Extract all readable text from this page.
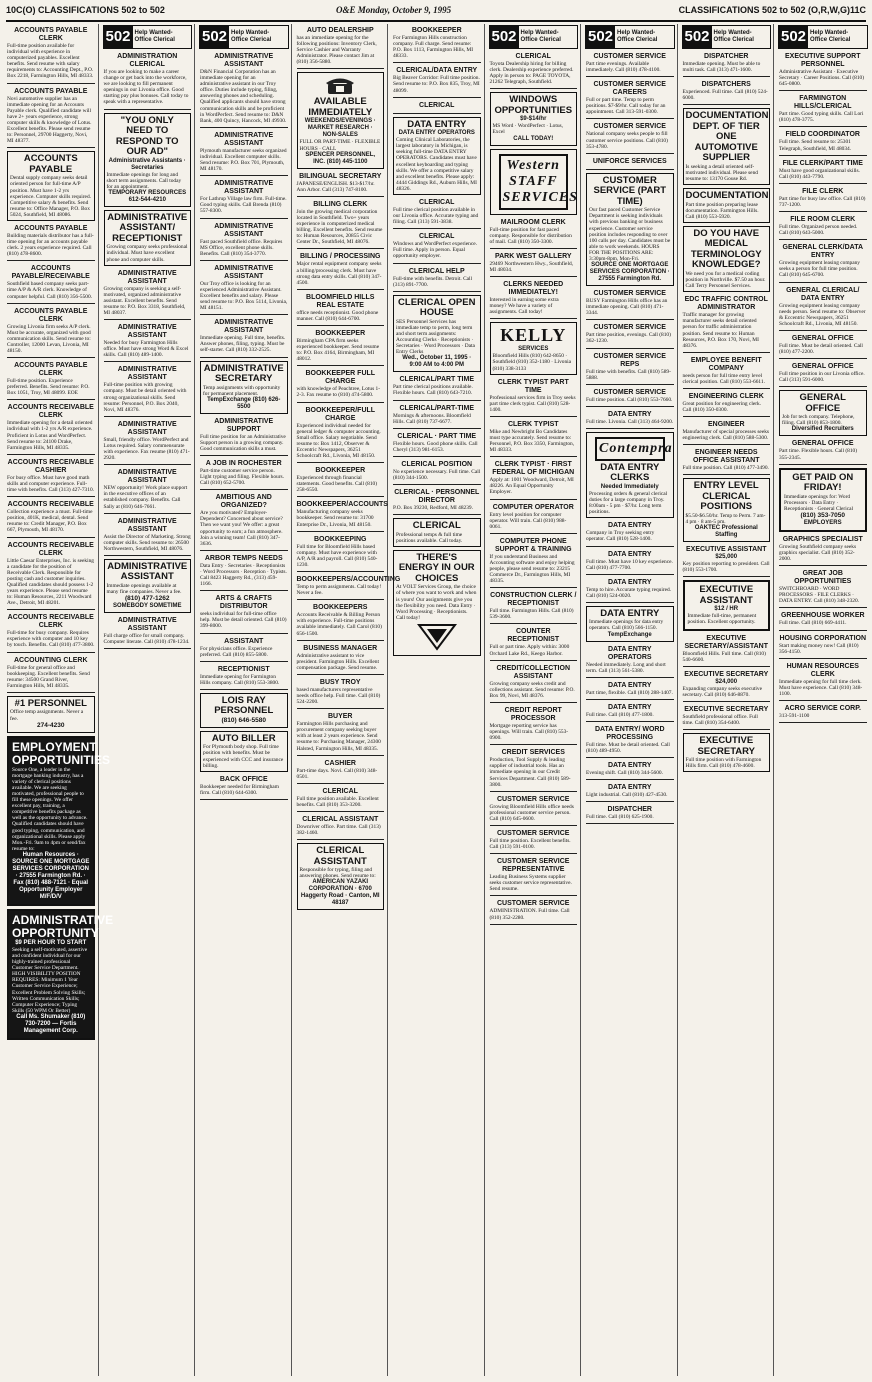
10C(O) CLASSIFICATIONS 502 to 502	O&E Monday, October 9, 1995	CLASSIFICATIONS 502 to 502 (O,R,W,G)11C
ACCOUNTS PAYABLE CLERK
Full-time position available for individual with experience in computerized payables. Excellent benefits. Send resume with salary requirements to: Accounting Dept., P.O. Box 2218, Farmington Hills, MI 48333.
ACCOUNTS PAYABLE
Novi automotive supplier has an immediate opening for an Accounts Payable clerk. Qualified candidate will have 2+ years experience, strong computer skills & knowledge of Lotus. Excellent benefits. Please send resume to: Personnel, 29700 Haggerty, Novi, MI 48377.
ACCOUNTS PAYABLE
Dental supply company seeks detail oriented person for full-time A/P position. Must have 1-2 yrs experience. Computer skills required. Competitive salary & benefits. Send resume to: Office Manager, P.O. Box 5024, Southfield, MI 48086.
ACCOUNTS PAYABLE
Building materials distributor has a full-time opening for an accounts payable clerk. 2 years experience required. Call (810) 478-8600.
ACCOUNTS PAYABLE/RECEIVABLE
Southfield based company seeks part-time A/P & A/R clerk. Knowledge of computer helpful. Call (810) 356-5500.
ACCOUNTS PAYABLE CLERK
Growing Livonia firm seeks A/P clerk. Must be accurate, organized with good communication skills. Send resume to: Controller, 12000 Levan, Livonia, MI 48150.
ACCOUNTS PAYABLE CLERK
Full-time position. Experience preferred. Benefits. Send resume: P.O. Box 1051, Troy, MI 48099. EOE
ACCOUNTS RECEIVABLE CLERK
Immediate opening for a detail oriented individual with 1-2 yrs A/R experience. Proficient in Lotus and WordPerfect. Send resume to: 24100 Drake, Farmington Hills, MI 48335.
ACCOUNTS RECEIVABLE CASHIER
For busy office. Must have good math skills and computer experience. Full-time with benefits. Call (313) 427-7310.
ACCOUNTS RECEIVABLE
Collection experience a must. Full-time position, 401K, medical, dental. Send resume to: Credit Manager, P.O. Box 667, Plymouth, MI 48170.
ACCOUNTS RECEIVABLE CLERK
Little Caesar Enterprises, Inc. is seeking a candidate for the position of Receivable Clerk. Responsible for posting cash and customer inquiries. Qualified candidates should possess 1-2 years experience. Please send resume to: Human Resources, 2211 Woodward Ave., Detroit, MI 48201.
ACCOUNTS RECEIVABLE CLERK
Full-time for busy company. Requires experience with computer and 10 key by touch. Benefits. Call (810) 477-3800.
ACCOUNTING CLERK
Full-time for general office and bookkeeping. Excellent benefits. Send resume: 34500 Grand River, Farmington Hills, MI 48335.
#1 PERSONNEL
Office temp assignments. Never a fee.
274-4230
EMPLOYMENT OPPORTUNITIES
Source One, a leader in the mortgage banking industry, has a variety of clerical positions available. We are seeking motivated, professional people to fill these openings. We offer excellent pay, training, a competitive benefits package as well as the opportunity to advance. Qualified candidates should have good typing, communication, and organizational skills. Please apply Mon.-Fri. 9am to 4pm or send/fax resume to:
Human Resources · SOURCE ONE MORTGAGE SERVICES CORPORATION · 27555 Farmington Rd. · Fax (810) 488-7121 · Equal Opportunity Employer M/F/D/V
ADMINISTRATIVE OPPORTUNITY
$9 PER HOUR TO START
Seeking a self-motivated, assertive and confident individual for our highly-trained professional Customer Service Department. HIGH VISIBILITY POSITION REQUIRES: Minimum 1 Year Customer Service Experience; Excellent Problem Solving Skills; Written Communication Skills; Computer Experience; Typing Skills (50 WPM Or Better)
Call Ms. Shumaker (810) 730-7200 — Fortis Management Corp.
502 Help Wanted- Office Clerical
ADMINISTRATION CLERICAL
If you are looking to make a career change or get back into the workforce, we are looking to fill permanent openings in our Livonia office. Good starting pay plus bonuses. Call today to speak with a representative.
"YOU ONLY NEED TO RESPOND TO OUR AD"
Administrative Assistants · Secretaries
Immediate openings for long and short term assignments. Call today for an appointment.
TEMPORARY RESOURCES 612-544-4210
ADMINISTRATIVE ASSISTANT/ RECEPTIONIST
Growing company seeks professional individual. Must have excellent phone and computer skills.
ADMINISTRATIVE ASSISTANT
Growing company is seeking a self-motivated, organized administrative assistant. Excellent benefits. Send resume to: P.O. Box 3318, Southfield, MI 48037.
ADMINISTRATIVE ASSISTANT
Needed for busy Farmington Hills office. Must have strong Word & Excel skills. Call (810) 489-1400.
ADMINISTRATIVE ASSISTANT
Full-time position with growing company. Must be detail oriented with strong organizational skills. Send resume: Personnel, P.O. Box 2040, Novi, MI 48376.
ADMINISTRATIVE ASSISTANT
Small, friendly office. WordPerfect and Lotus required. Salary commensurate with experience. Fax resume (810) 471-2920.
ADMINISTRATIVE ASSISTANT
NEW opportunity! Work place support in the executive offices of an established company. Benefits. Call Sally at (810) 646-7661.
ADMINISTRATIVE ASSISTANT
Assist the Director of Marketing. Strong computer skills. Send resume to: 26500 Northwestern, Southfield, MI 48076.
ADMINISTRATIVE ASSISTANT
Immediate openings available at many fine companies. Never a fee.
(810) 477-1262
SOMEBODY SOMETIME
ADMINISTRATIVE ASSISTANT
Full charge office for small company. Computer literate. Call (810) 478-1234.
502 Help Wanted- Office Clerical
ADMINISTRATIVE ASSISTANT
D&N Financial Corporation has an immediate opening for an administrative assistant in our Troy office. Duties include typing, filing, answering phones and scheduling. Qualified applicants should have strong communication skills and be proficient in WordPerfect. Send resume to: D&N Bank, 400 Quincy, Hancock, MI 49930.
ADMINISTRATIVE ASSISTANT
Plymouth manufacturer seeks organized individual. Excellent computer skills. Send resume: P.O. Box 701, Plymouth, MI 48170.
ADMINISTRATIVE ASSISTANT
For Lathrup Village law firm. Full-time. Good typing skills. Call Brenda (810) 557-8300.
ADMINISTRATIVE ASSISTANT
Fast paced Southfield office. Requires MS Office, excellent phone skills. Benefits. Call (810) 354-3770.
ADMINISTRATIVE ASSISTANT
Our Troy office is looking for an experienced Administrative Assistant. Excellent benefits and salary. Please send resume to: P.O. Box 5114, Livonia, MI 48151.
ADMINISTRATIVE ASSISTANT
Immediate opening. Full time, benefits. Answer phones, filing, typing. Must be self-starter. Call (810) 332-2525.
ADMINISTRATIVE SECRETARY
Temp assignments with opportunity for permanent placement.
TempExchange (810) 626-5500
ADMINISTRATIVE SUPPORT
Full time position for an Administrative Support person in a growing company. Good communication skills a must.
A JOB IN ROCHESTER
Part-time customer service person. Light typing and filing. Flexible hours. Call (810) 652-5700.
AMBITIOUS AND ORGANIZED?
Are you motivated? Employer-Dependent? Concerned about service? Then we want you! We offer: a great opportunity to earn; a fun atmosphere. Join a winning team! Call (810) 347-3636.
ARBOR TEMPS NEEDS
Data Entry · Secretaries · Receptionists · Word Processors · Reception · Typists. Call 8423 Haggerty Rd., (313) 459-1166.
ARTS & CRAFTS DISTRIBUTOR
seeks individual for full-time office help. Must be detail oriented. Call (810) 399-8000.
ASSISTANT
For physicians office. Experience preferred. Call (810) 855-5800.
RECEPTIONIST
Immediate opening for Farmington Hills company. Call (810) 553-3800.
LOIS RAY PERSONNEL
(810) 646-5580
AUTO BILLER
For Plymouth body shop. Full time position with benefits. Must be experienced with CCC and insurance billing.
BACK OFFICE
Bookkeeper needed for Birmingham firm. Call (810) 644-6300.
AUTO DEALERSHIP
has an immediate opening for the following positions: Inventory Clerk, Service Cashier and Warranty Administrator. Please contact Jim at (810) 356-5880.
AVAILABLE IMMEDIATELY
WEEKENDS/EVENINGS · MARKET RESEARCH · NON-SALES
FULL OR PART-TIME · FLEXIBLE HOURS · CALL
SPENCER PERSONNEL, INC. (810) 445-1100
BILINGUAL SECRETARY
JAPANESE/ENGLISH. $13-$17/hr. Ann Arbor. Call (313) 747-8100.
BILLING CLERK
Join the growing medical corporation located in Southfield. Two+ years experience in computerized medical billing. Excellent benefits. Send resume to: Human Resources, 20855 Civic Center Dr., Southfield, MI 48076.
BILLING / PROCESSING
Major rental equipment company seeks a billing/processing clerk. Must have strong data entry skills. Call (810) 347-4500.
BLOOMFIELD HILLS REAL ESTATE
office needs receptionist. Good phone manner. Call (810) 644-6700.
BOOKKEEPER
Birmingham CPA firm seeks experienced bookkeeper. Send resume to: P.O. Box 4164, Birmingham, MI 48012.
BOOKKEEPER FULL CHARGE
with knowledge of Peachtree, Lotus 1-2-3. Fax resume to (810) 474-5800.
BOOKKEEPER/FULL CHARGE
Experienced individual needed for general ledger & computer accounting. Small office. Salary negotiable. Send resume to: Box 1412, Observer & Eccentric Newspapers, 36251 Schoolcraft Rd., Livonia, MI 48150.
BOOKKEEPER
Experienced through financial statements. Good benefits. Call (810) 258-6550.
BOOKKEEPER/ACCOUNTS
Manufacturing company seeks bookkeeper. Send resume to: 31700 Enterprise Dr., Livonia, MI 48150.
BOOKKEEPING
Full time for Bloomfield Hills based company. Must have experience with A/P, A/R and payroll. Call (810) 540-1230.
BOOKKEEPERS/ACCOUNTING
Temp to perm assignments. Call today! Never a fee.
BOOKKEEPERS
Accounts Receivable & Billing Person with experience. Full-time positions available immediately. Call Carol (810) 656-1500.
BUSINESS MANAGER
Administrative assistant to vice president. Farmington Hills. Excellent compensation package. Send resume.
BUSY TROY
based manufacturers representative needs office help. Full time. Call (810) 524-2200.
BUYER
Farmington Hills purchasing and procurement company seeking buyer with at least 2 years experience. Send resume to: Purchasing Manager, 24300 Halsted, Farmington Hills, MI 48335.
CASHIER
Part-time days. Novi. Call (810) 348-0501.
CLERICAL
Full time position available. Excellent benefits. Call (810) 353-3200.
CLERICAL ASSISTANT
Downriver office. Part time. Call (313) 382-1460.
CLERICAL ASSISTANT
Responsible for typing, filing and answering phones. Send resume to:
AMERICAN YAZAKI CORPORATION · 6700 Haggerty Road · Canton, MI 48187
BOOKKEEPER
For Farmington Hills construction company. Full charge. Send resume: P.O. Box 1113, Farmington Hills, MI 48333.
CLERICAL/DATA ENTRY
Big Beaver Corridor: Full time position. Send resume to: P.O. Box 835, Troy, MI 48099.
CLERICAL
DATA ENTRY
DATA ENTRY OPERATORS
Coming Clinical Laboratories, the largest laboratory in Michigan, is seeking full-time DATA ENTRY OPERATORS. Candidates must have excellent keyboarding and typing skills. We offer a competitive salary and excellent benefits. Please apply: 4444 Giddings Rd., Auburn Hills, MI 48326.
CLERICAL
Full time clerical position available in our Livonia office. Accurate typing and filing. Call (313) 591-3838.
CLERICAL
Windows and WordPerfect experience. Full time. Apply in person. Equal opportunity employer.
CLERICAL HELP
Full-time with benefits. Detroit. Call (313) 891-7700.
CLERICAL OPEN HOUSE
SES Personnel Services has immediate temp to perm, long term and short term assignments: Accounting Clerks · Receptionists · Secretaries · Word Processors · Data Entry Clerks
Wed., October 11, 1995 · 9:00 AM to 4:00 PM
CLERICAL/PART TIME
Part time clerical positions available. Flexible hours. Call (810) 643-7210.
CLERICAL/PART-TIME
Mornings & afternoons. Bloomfield Hills. Call (810) 737-6677.
CLERICAL · PART TIME
Flexible hours. Good phone skills. Call Cheryl (313) 981-6153.
CLERICAL POSITION
No experience necessary. Full time. Call (810) 344-1500.
CLERICAL · PERSONNEL DIRECTOR
P.O. Box 39230, Redford, MI 48239.
CLERICAL
Professional temps & full time positions available. Call today.
THERE'S ENERGY IN OUR CHOICES
At VOLT Services Group, the choice of where you want to work and when is yours! Our assignments give you the flexibility you need. Data Entry · Word Processing · Receptionists. Call today!
502 Help Wanted- Office Clerical
CLERICAL
Toyota Dealership hiring for billing clerk. Dealership experience preferred. Apply in person to: PAGE TOYOTA, 21262 Telegraph, Southfield.
WINDOWS OPPORTUNITIES
$9-$14/hr
MS Word · WordPerfect · Lotus, Excel
CALL TODAY!
Western STAFF SERVICES
MAILROOM CLERK
Full-time position for fast paced company. Responsible for distribution of mail. Call (810) 350-3300.
PARK WEST GALLERY
29469 Northwestern Hwy., Southfield, MI 48034.
CLERKS NEEDED IMMEDIATELY!
Interested in earning some extra money? We have a variety of assignments. Call today!
KELLY
SERVICES
Bloomfield Hills (810) 642-8650 · Southfield (810) 352-1180 · Livonia (810) 338-3133
CLERK TYPIST PART TIME
Professional services firm in Troy seeks part time clerk typist. Call (810) 528-1400.
CLERK TYPIST
Mike and Newbright Bo Candidates must type accurately. Send resume to: Personnel, P.O. Box 3350, Farmington, MI 48333.
CLERK TYPIST · FIRST FEDERAL OF MICHIGAN
Apply at: 1001 Woodward, Detroit, MI 48226. An Equal Opportunity Employer.
COMPUTER OPERATOR
Entry level position for computer operator. Will train. Call (810) 988-0061.
COMPUTER PHONE SUPPORT & TRAINING
If you understand Business and Accounting software and enjoy helping people, please send resume to: 23215 Commerce Dr., Farmington Hills, MI 48335.
CONSTRUCTION CLERK / RECEPTIONIST
Full time. Farmington Hills. Call (810) 539-3600.
COUNTER RECEPTIONIST
Full or part time. Apply within: 3000 Orchard Lake Rd., Keego Harbor.
CREDIT/COLLECTION ASSISTANT
Growing company seeks credit and collections assistant. Send resume: P.O. Box 99, Novi, MI 48376.
CREDIT REPORT PROCESSOR
Mortgage reporting service has openings. Will train. Call (810) 553-0900.
CREDIT SERVICES
Production, Tool Supply & leading supplier of industrial tools. Has an immediate opening in our Credit Services Department. Call (810) 589-3800.
CUSTOMER SERVICE
Growing Bloomfield Hills office needs professional customer service person. Call (810) 645-0600.
CUSTOMER SERVICE
Full time position. Excellent benefits. Call (313) 591-0100.
CUSTOMER SERVICE REPRESENTATIVE
Leading Business Systems supplier seeks customer service representative. Send resume.
CUSTOMER SERVICE
ADMINISTRATION. Full time. Call (810) 352-2280.
502 Help Wanted- Office Clerical
CUSTOMER SERVICE
Part time evenings. Available immediately. Call (810) 478-4100.
CUSTOMER SERVICE CAREERS
Full or part time. Temp to perm positions. $7-$9/hr. Call today for an appointment. Call 313-591-0300.
CUSTOMER SERVICE
National company seeks people to fill customer service positions. Call (810) 353-4780.
UNIFORCE SERVICES
CUSTOMER SERVICE (PART TIME)
Our fast paced Customer Service Department is seeking individuals with previous banking or business experience. Customer service position includes responding to over 100 calls per day. Candidates must be able to work weekends. HOURS FOR THE POSITIONS ARE: 3:30pm-8pm, Mon-Fri.
SOURCE ONE MORTGAGE SERVICES CORPORATION · 27555 Farmington Rd.
CUSTOMER SERVICE
BUSY Farmington Hills office has an immediate opening. Call (810) 471-3344.
CUSTOMER SERVICE
Part time position, evenings. Call (810) 362-1230.
CUSTOMER SERVICE REPS
Full time with benefits. Call (810) 589-5888.
CUSTOMER SERVICE
Full time position. Call (810) 553-7660.
DATA ENTRY
Full time. Livonia. Call (313) 464-9200.
Contempra
DATA ENTRY CLERKS
Needed Immediately
Processing orders & general clerical duties for a large company in Troy. 8:00am - 5 pm · $7/hr. Long term positions.
DATA ENTRY
Company in Troy seeking entry operator. Call (810) 528-1400.
DATA ENTRY
Full time. Must have 10 key experience. Call (810) 477-7700.
DATA ENTRY
Temp to hire. Accurate typing required. Call (810) 524-0020.
DATA ENTRY
Immediate openings for data entry operators. Call (810) 566-1150.
TempExchange
DATA ENTRY OPERATORS
Needed immediately. Long and short term. Call (313) 561-5380.
DATA ENTRY
Part time, flexible. Call (810) 288-1407.
DATA ENTRY
Full time. Call (810) 477-1800.
DATA ENTRY/ WORD PROCESSING
Full time. Must be detail oriented. Call (810) 489-4950.
DATA ENTRY
Evening shift. Call (810) 344-5600.
DATA ENTRY
Light industrial. Call (810) 427-4530.
DISPATCHER
Full time. Call (810) 625-1900.
502 Help Wanted- Office Clerical
DISPATCHER
Immediate opening. Must be able to multi task. Call (313) 471-1600.
DISPATCHERS
Experienced. Full time. Call (810) 524-6000.
DOCUMENTATION DEPT. OF TIER ONE AUTOMOTIVE SUPPLIER
Is seeking a detail oriented self-motivated individual. Please send resume to: 13170 Gouse Rd.
DOCUMENTATION
Part time position preparing lease documentation. Farmington Hills. Call (810) 553-5920.
DO YOU HAVE MEDICAL TERMINOLOGY KNOWLEDGE?
We need you for a medical coding position in Northville. $7.50 an hour. Call Terry Personnel Services.
EDC TRAFFIC CONTROL ADMINISTRATOR
Traffic manager for growing manufacturer seeks detail oriented person for traffic administration position. Send resume to: Human Resources, P.O. Box 170, Novi, MI 48376.
EMPLOYEE BENEFIT COMPANY
needs person for full time entry level clerical position. Call (810) 553-6611.
ENGINEERING CLERK
Great position for engineering clerk. Call (810) 350-0300.
ENGINEER
Manufacturer of special processes seeks engineering clerk. Call (810) 588-5300.
ENGINEER NEEDS OFFICE ASSISTANT
Full time position. Call (810) 477-3490.
ENTRY LEVEL CLERICAL POSITIONS
$5.50-$6.50/hr. Temp to Perm. 7 am-4 pm · 8 am-5 pm.
OAKTEC Professional Staffing
EXECUTIVE ASSISTANT
$25,000
Key position reporting to president. Call (810) 553-1700.
EXECUTIVE ASSISTANT
$12 / HR
Immediate full-time, permanent position. Excellent opportunity.
EXECUTIVE SECRETARY/ASSISTANT
Bloomfield Hills. Full time. Call (810) 540-6600.
EXECUTIVE SECRETARY
$24,000
Expanding company seeks executive secretary. Call (810) 646-8870.
EXECUTIVE SECRETARY
Southfield professional office. Full time. Call (810) 354-6400.
EXECUTIVE SECRETARY
Full time position with Farmington Hills firm. Call (810) 478-4600.
502 Help Wanted- Office Clerical
EXECUTIVE SUPPORT PERSONNEL
Administrative Assistant · Executive Secretary · Career Positions. Call (810) 645-0800.
FARMINGTON HILLS/CLERICAL
Part time. Good typing skills. Call Lori (810) 478-3775.
FIELD COORDINATOR
Full time. Send resume to: 25301 Telegraph, Southfield, MI 48034.
FILE CLERK/PART TIME
Must have good organizational skills. Call (810) 443-7790.
FILE CLERK
Part time for busy law office. Call (810) 737-1200.
FILE ROOM CLERK
Full time. Organized person needed. Call (810) 643-5000.
GENERAL CLERK/DATA ENTRY
Growing equipment leasing company seeks a person for full time position. Call (810) 645-6700.
GENERAL CLERICAL/ DATA ENTRY
Growing equipment leasing company needs person. Send resume to: Observer & Eccentric Newspapers, 36251 Schoolcraft Rd., Livonia, MI 48150.
GENERAL OFFICE
Full time. Must be detail oriented. Call (810) 477-2200.
GENERAL OFFICE
Full time position in our Livonia office. Call (313) 591-6000.
GENERAL OFFICE
Job for tech company. Telephone, filing. Call (810) 853-1800.
Diversified Recruiters
GENERAL OFFICE
Part time. Flexible hours. Call (810) 355-2345.
GET PAID ON FRIDAY!
Immediate openings for: Word Processors · Data Entry · Receptionists · General Clerical
(810) 353-7050
EMPLOYERS
GRAPHICS SPECIALIST
Growing Southfield company seeks graphics specialist. Call (810) 352-2000.
GREAT JOB OPPORTUNITIES
SWITCHBOARD · WORD PROCESSORS · FILE CLERKS · DATA ENTRY. Call (810) 348-2320.
GREENHOUSE WORKER
Full time. Call (810) 669-4411.
HOUSING CORPORATION
Start making money now! Call (810) 356-4150.
HUMAN RESOURCES CLERK
Immediate opening for full time clerk. Must have experience. Call (810) 348-1100.
ACRO SERVICE CORP.
313-591-1100
